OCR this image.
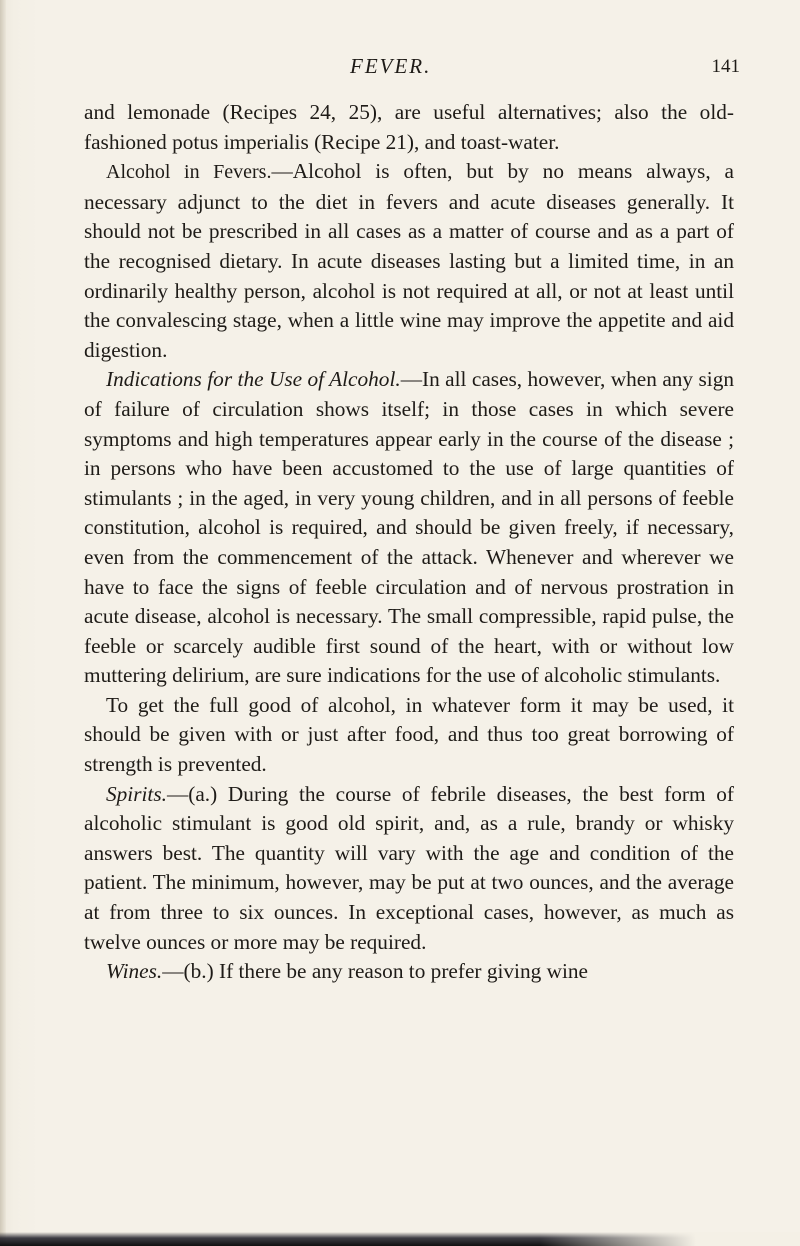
FEVER.	141

and lemonade (Recipes 24, 25), are useful alternatives; also the old-fashioned potus imperialis (Recipe 21), and toast-water.

Alcohol in Fevers.—Alcohol is often, but by no means always, a necessary adjunct to the diet in fevers and acute diseases generally. It should not be prescribed in all cases as a matter of course and as a part of the recognised dietary. In acute diseases lasting but a limited time, in an ordinarily healthy person, alcohol is not required at all, or not at least until the convalescing stage, when a little wine may improve the appetite and aid digestion.

Indications for the Use of Alcohol.—In all cases, however, when any sign of failure of circulation shows itself; in those cases in which severe symptoms and high temperatures appear early in the course of the disease ; in persons who have been accustomed to the use of large quantities of stimulants ; in the aged, in very young children, and in all persons of feeble constitution, alcohol is required, and should be given freely, if necessary, even from the commencement of the attack. Whenever and wherever we have to face the signs of feeble circulation and of nervous prostration in acute disease, alcohol is necessary. The small compressible, rapid pulse, the feeble or scarcely audible first sound of the heart, with or without low muttering delirium, are sure indications for the use of alcoholic stimulants.

To get the full good of alcohol, in whatever form it may be used, it should be given with or just after food, and thus too great borrowing of strength is prevented.

Spirits.—(a.) During the course of febrile diseases, the best form of alcoholic stimulant is good old spirit, and, as a rule, brandy or whisky answers best. The quantity will vary with the age and condition of the patient. The minimum, however, may be put at two ounces, and the average at from three to six ounces. In exceptional cases, however, as much as twelve ounces or more may be required.

Wines.—(b.) If there be any reason to prefer giving wine
